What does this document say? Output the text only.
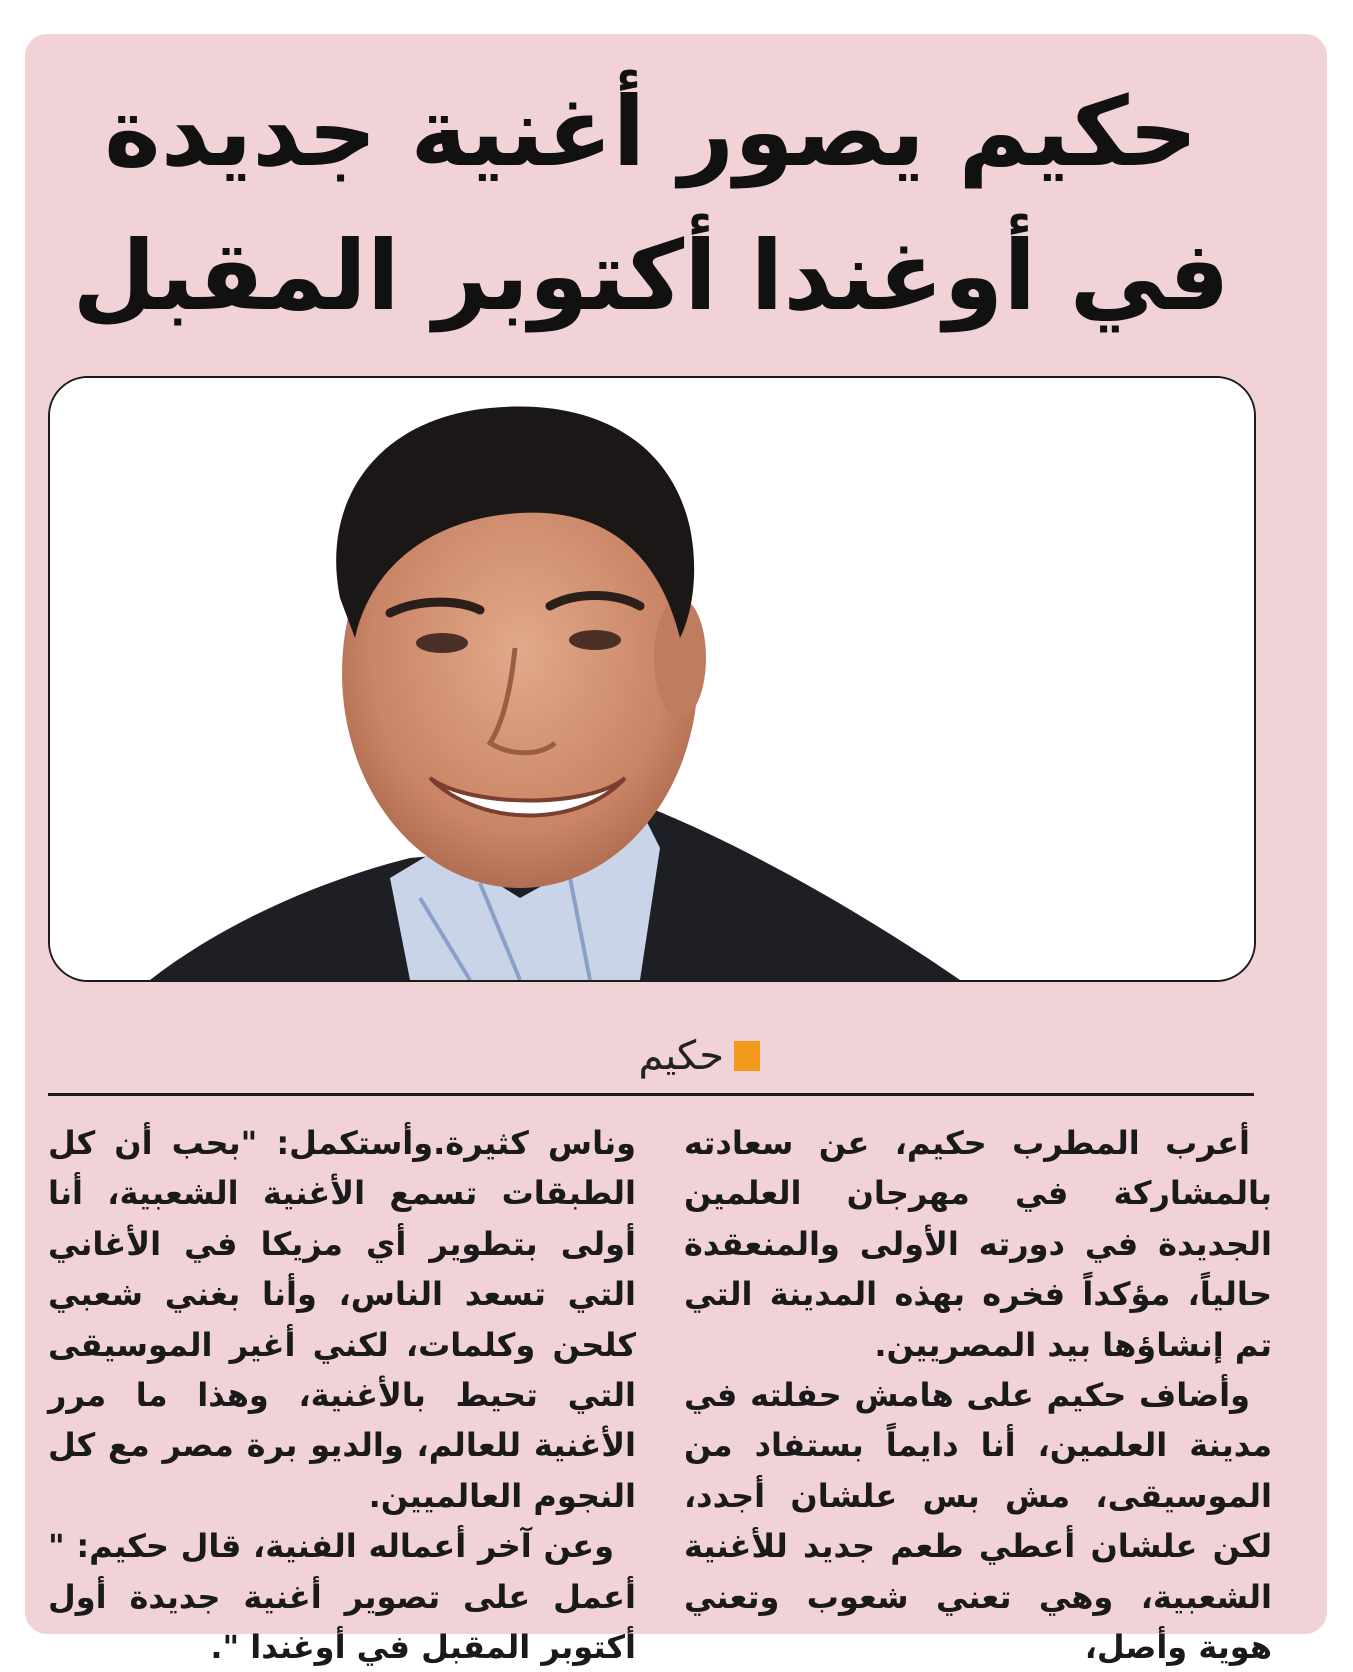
حكيم يصور أغنية جديدة
في أوغندا أكتوبر المقبل
حكيم

أعرب المطرب حكيم، عن سعادته بالمشاركة في مهرجان العلمين الجديدة في دورته الأولى والمنعقدة حالياً، مؤكداً فخره بهذه المدينة التي تم إنشاؤها بيد المصريين.

وأضاف حكيم على هامش حفلته في مدينة العلمين، أنا دايماً بستفاد من الموسيقى، مش بس علشان أجدد، لكن علشان أعطي طعم جديد للأغنية الشعبية، وهي تعني شعوب وتعني هوية وأصل،

وناس كثيرة.وأستكمل: "بحب أن كل الطبقات تسمع الأغنية الشعبية، أنا أولى بتطوير أي مزيكا في الأغاني التي تسعد الناس، وأنا بغني شعبي كلحن وكلمات، لكني أغير الموسيقى التي تحيط بالأغنية، وهذا ما مرر الأغنية للعالم، والديو برة مصر مع كل النجوم العالميين.

وعن آخر أعماله الفنية، قال حكيم: " أعمل على تصوير أغنية جديدة أول أكتوبر المقبل في أوغندا ".
